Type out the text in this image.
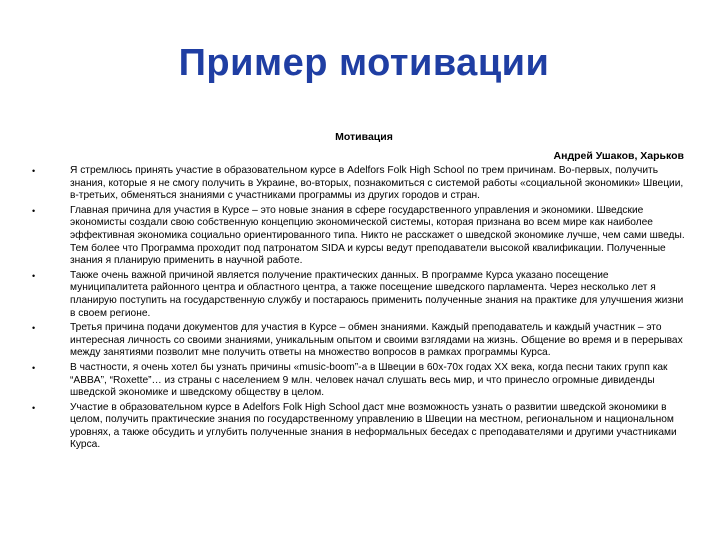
Пример мотивации
Мотивация
Андрей Ушаков, Харьков
•	Я стремлюсь принять участие в образовательном курсе в Adelfors Folk High School по трем причинам. Во-первых, получить знания, которые я не смогу получить в Украине, во-вторых, познакомиться с системой работы «социальной экономики» Швеции, в-третьих, обменяться знаниями с участниками программы из других городов и стран.
•	Главная причина для участия в Курсе – это новые знания в сфере государственного управления и экономики. Шведские экономисты создали свою собственную концепцию экономической системы, которая признана во всем мире как наиболее эффективная экономика социально ориентированного типа. Никто не расскажет о шведской экономике лучше, чем сами шведы. Тем более что Программа проходит под патронатом SIDA и курсы ведут преподаватели высокой квалификации. Полученные знания я планирую применить в научной работе.
•	Также очень важной причиной является получение практических данных. В программе Курса указано посещение муниципалитета районного центра и областного центра, а также посещение шведского парламента. Через несколько лет я планирую поступить на государственную службу и постараюсь применить полученные знания на практике для улучшения жизни в своем регионе.
•	Третья причина подачи документов для участия в Курсе – обмен знаниями. Каждый преподаватель и каждый участник – это интересная личность со своими знаниями, уникальным опытом и своими взглядами на жизнь. Общение во время и в перерывах между занятиями позволит мне получить ответы на множество вопросов в рамках программы Курса.
•	В частности, я очень хотел бы узнать причины «music-boom”-а в Швеции в 60х-70х годах XX века, когда песни таких групп как “ABBA”, “Roxette”… из страны с населением 9 млн. человек начал слушать весь мир, и что принесло огромные дивиденды шведской экономике и шведскому обществу в целом.
•	Участие в образовательном курсе в Adelfors Folk High School даст мне возможность узнать о развитии шведской экономики в целом, получить практические знания по государственному управлению в Швеции на местном, региональном и национальном уровнях, а также обсудить и углубить полученные знания в неформальных беседах с преподавателями и другими участниками Курса.
